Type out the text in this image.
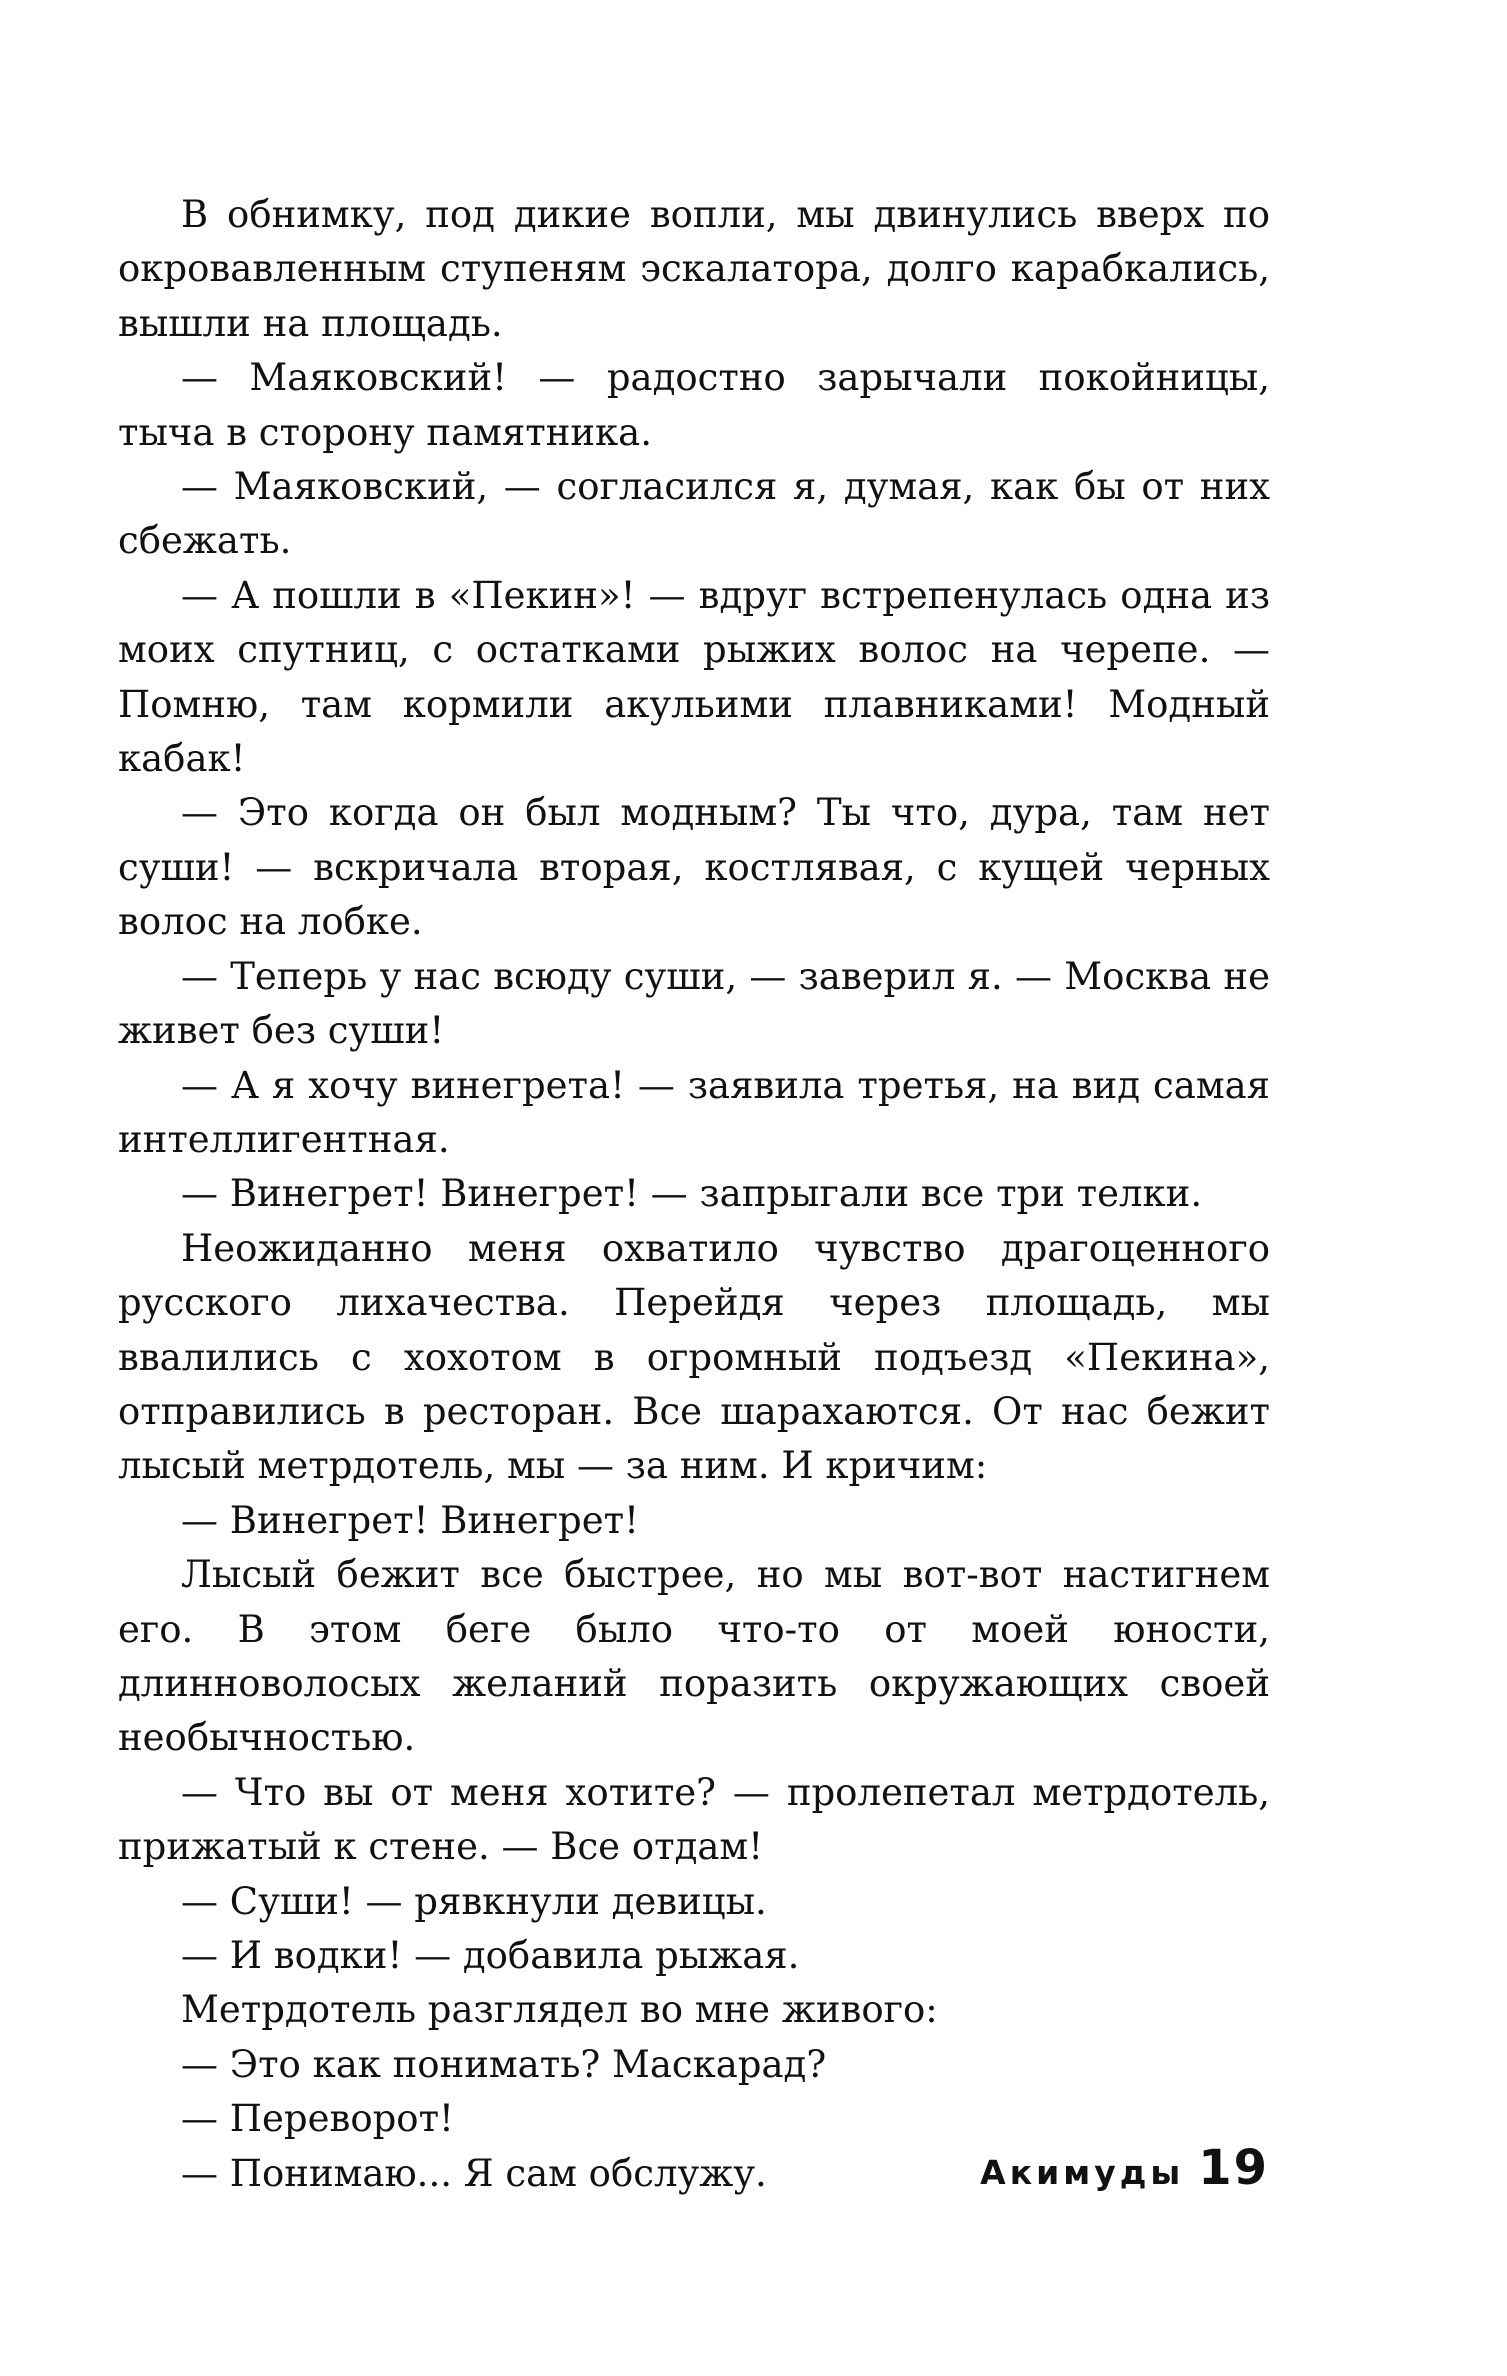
В обнимку, под дикие вопли, мы двинулись вверх по окровавленным ступеням эскалатора, долго карабкались, вышли на площадь.

— Маяковский! — радостно зарычали покойницы, тыча в сторону памятника.

— Маяковский, — согласился я, думая, как бы от них сбежать.

— А пошли в «Пекин»! — вдруг встрепенулась одна из моих спутниц, с остатками рыжих волос на черепе. — Помню, там кормили акульими плавниками! Модный кабак!

— Это когда он был модным? Ты что, дура, там нет суши! — вскричала вторая, костлявая, с кущей черных волос на лобке.

— Теперь у нас всюду суши, — заверил я. — Москва не живет без суши!

— А я хочу винегрета! — заявила третья, на вид самая интеллигентная.

— Винегрет! Винегрет! — запрыгали все три телки.

Неожиданно меня охватило чувство драгоценного русского лихачества. Перейдя через площадь, мы ввалились с хохотом в огромный подъезд «Пекина», отправились в ресторан. Все шарахаются. От нас бежит лысый метрдотель, мы — за ним. И кричим:

— Винегрет! Винегрет!

Лысый бежит все быстрее, но мы вот-вот настигнем его. В этом беге было что-то от моей юности, длинноволосых желаний поразить окружающих своей необычностью.

— Что вы от меня хотите? — пролепетал метрдотель, прижатый к стене. — Все отдам!

— Суши! — рявкнули девицы.

— И водки! — добавила рыжая.

Метрдотель разглядел во мне живого:

— Это как понимать? Маскарад?

— Переворот!

— Понимаю... Я сам обслужу.	Акимуды 19
